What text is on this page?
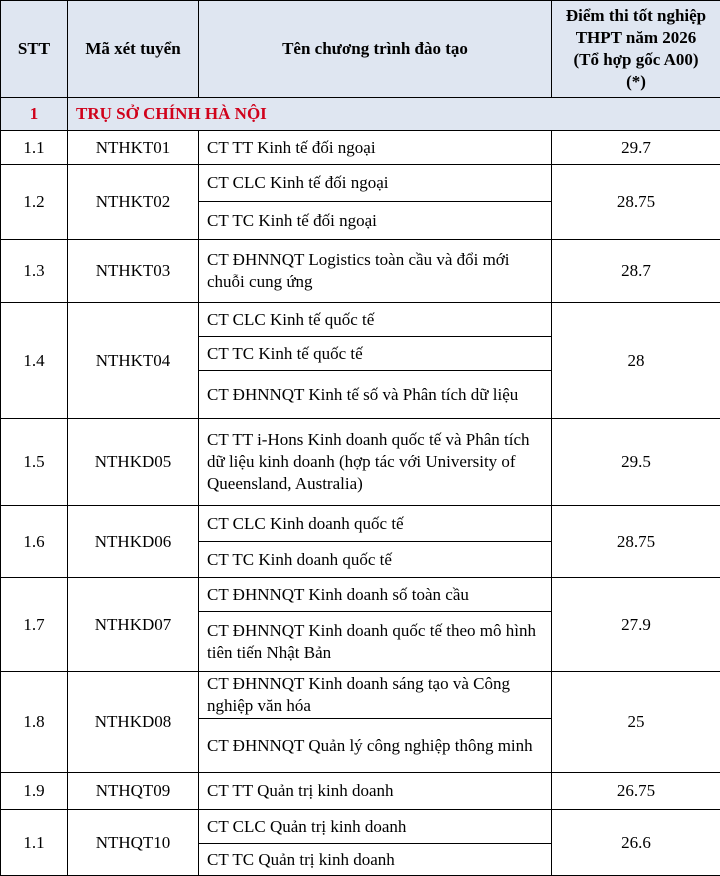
STT	Mã xét tuyển	Tên chương trình đào tạo	Điểm thi tốt nghiệp
THPT năm 2026
(Tổ hợp gốc A00)
(*)

1	TRỤ SỞ CHÍNH HÀ NỘI		
1.1	NTHKT01	CT TT Kinh tế đối ngoại	29.7
1.2	NTHKT02	CT CLC Kinh tế đối ngoại	28.75
		CT TC Kinh tế đối ngoại	
1.3	NTHKT03	CT ĐHNNQT Logistics toàn cầu và đổi mới chuỗi cung ứng	28.7
1.4	NTHKT04	CT CLC Kinh tế quốc tế	28
		CT TC Kinh tế quốc tế	
		CT ĐHNNQT Kinh tế số và Phân tích dữ liệu	
1.5	NTHKD05	CT TT i-Hons Kinh doanh quốc tế và Phân tích dữ liệu kinh doanh (hợp tác với University of Queensland, Australia)	29.5
1.6	NTHKD06	CT CLC Kinh doanh quốc tế	28.75
		CT TC Kinh doanh quốc tế	
1.7	NTHKD07	CT ĐHNNQT Kinh doanh số toàn cầu	27.9
		CT ĐHNNQT Kinh doanh quốc tế theo mô hình tiên tiến Nhật Bản	
1.8	NTHKD08	CT ĐHNNQT Kinh doanh sáng tạo và Công nghiệp văn hóa	25
		CT ĐHNNQT Quản lý công nghiệp thông minh	
1.9	NTHQT09	CT TT Quản trị kinh doanh	26.75
1.1	NTHQT10	CT CLC Quản trị kinh doanh	26.6
		CT TC Quản trị kinh doanh	
